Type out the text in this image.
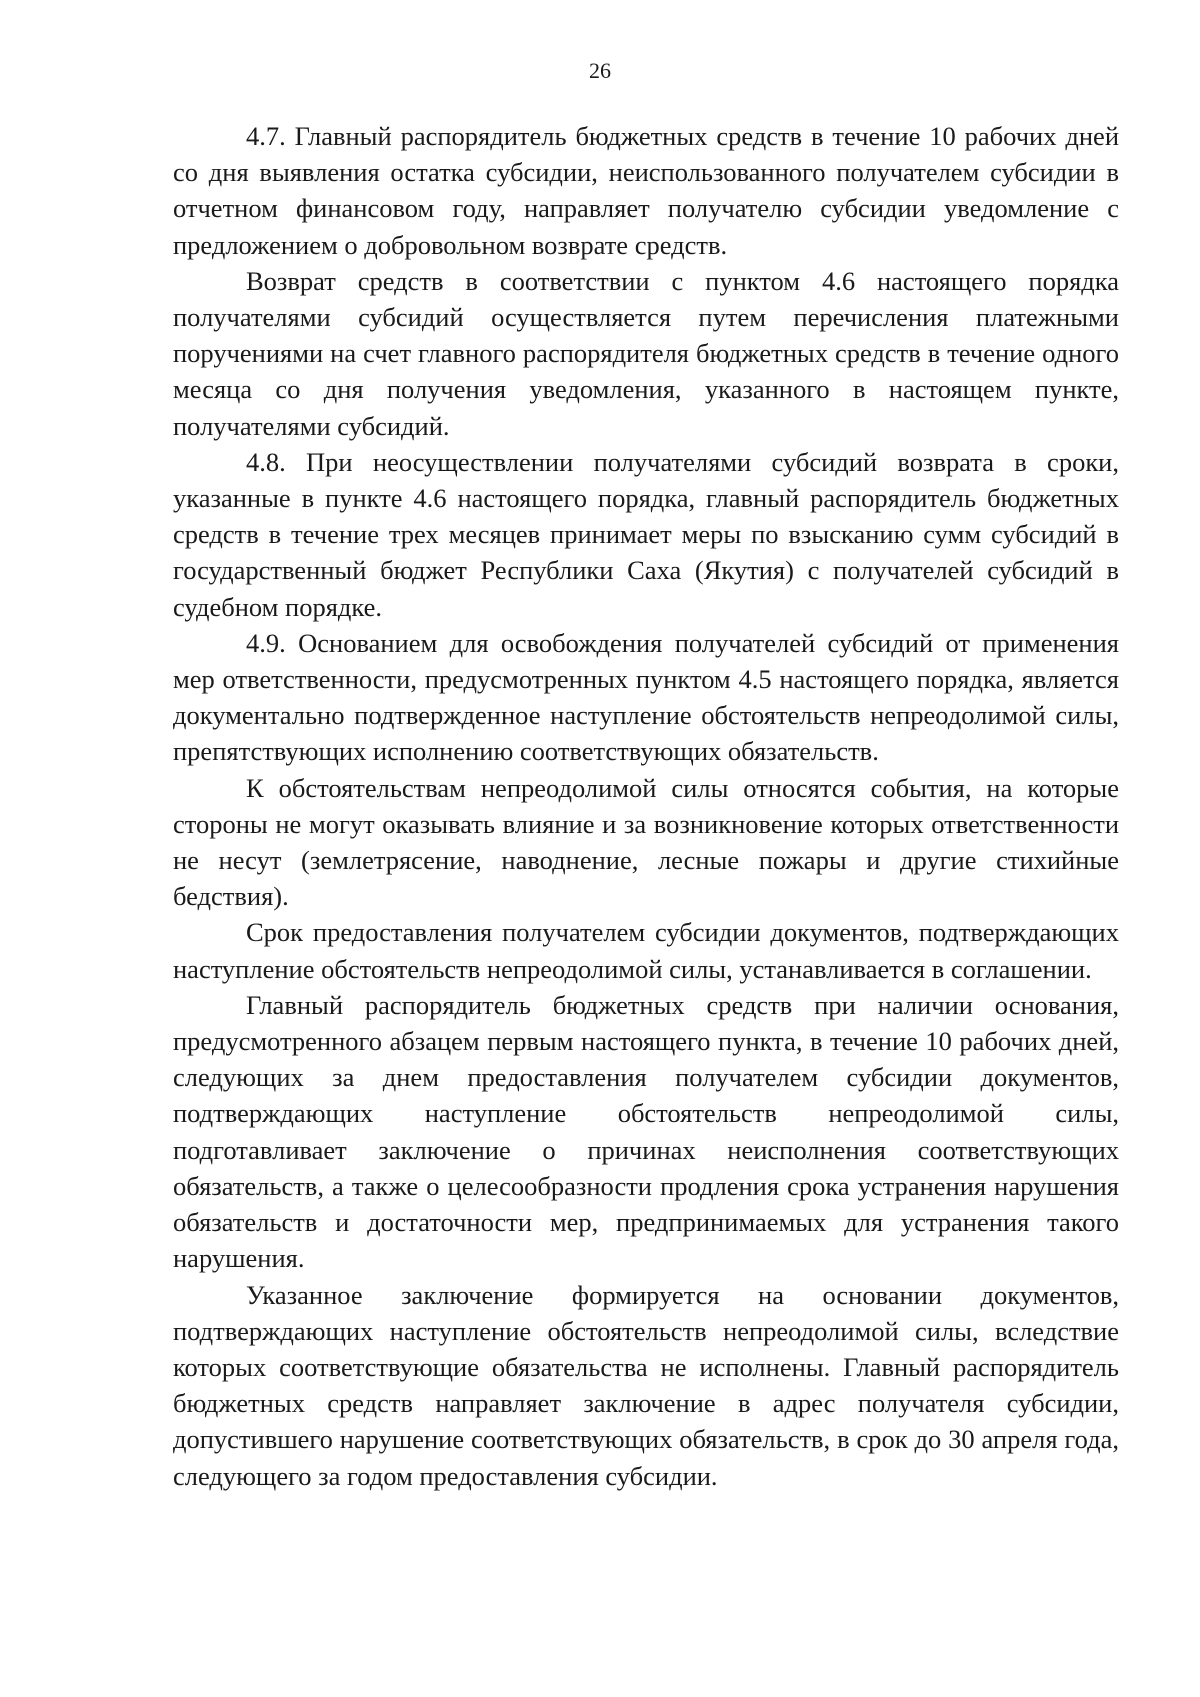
26

4.7. Главный распорядитель бюджетных средств в течение 10 рабочих дней со дня выявления остатка субсидии, неиспользованного получателем субсидии в отчетном финансовом году, направляет получателю субсидии уведомление с предложением о добровольном возврате средств.

Возврат средств в соответствии с пунктом 4.6 настоящего порядка получателями субсидий осуществляется путем перечисления платежными поручениями на счет главного распорядителя бюджетных средств в течение одного месяца со дня получения уведомления, указанного в настоящем пункте, получателями субсидий.

4.8. При неосуществлении получателями субсидий возврата в сроки, указанные в пункте 4.6 настоящего порядка, главный распорядитель бюджетных средств в течение трех месяцев принимает меры по взысканию сумм субсидий в государственный бюджет Республики Саха (Якутия) с получателей субсидий в судебном порядке.

4.9. Основанием для освобождения получателей субсидий от применения мер ответственности, предусмотренных пунктом 4.5 настоящего порядка, является документально подтвержденное наступление обстоятельств непреодолимой силы, препятствующих исполнению соответствующих обязательств.

К обстоятельствам непреодолимой силы относятся события, на которые стороны не могут оказывать влияние и за возникновение которых ответственности не несут (землетрясение, наводнение, лесные пожары и другие стихийные бедствия).

Срок предоставления получателем субсидии документов, подтверждающих наступление обстоятельств непреодолимой силы, устанавливается в соглашении.

Главный распорядитель бюджетных средств при наличии основания, предусмотренного абзацем первым настоящего пункта, в течение 10 рабочих дней, следующих за днем предоставления получателем субсидии документов, подтверждающих наступление обстоятельств непреодолимой силы, подготавливает заключение о причинах неисполнения соответствующих обязательств, а также о целесообразности продления срока устранения нарушения обязательств и достаточности мер, предпринимаемых для устранения такого нарушения.

Указанное заключение формируется на основании документов, подтверждающих наступление обстоятельств непреодолимой силы, вследствие которых соответствующие обязательства не исполнены. Главный распорядитель бюджетных средств направляет заключение в адрес получателя субсидии, допустившего нарушение соответствующих обязательств, в срок до 30 апреля года, следующего за годом предоставления субсидии.
